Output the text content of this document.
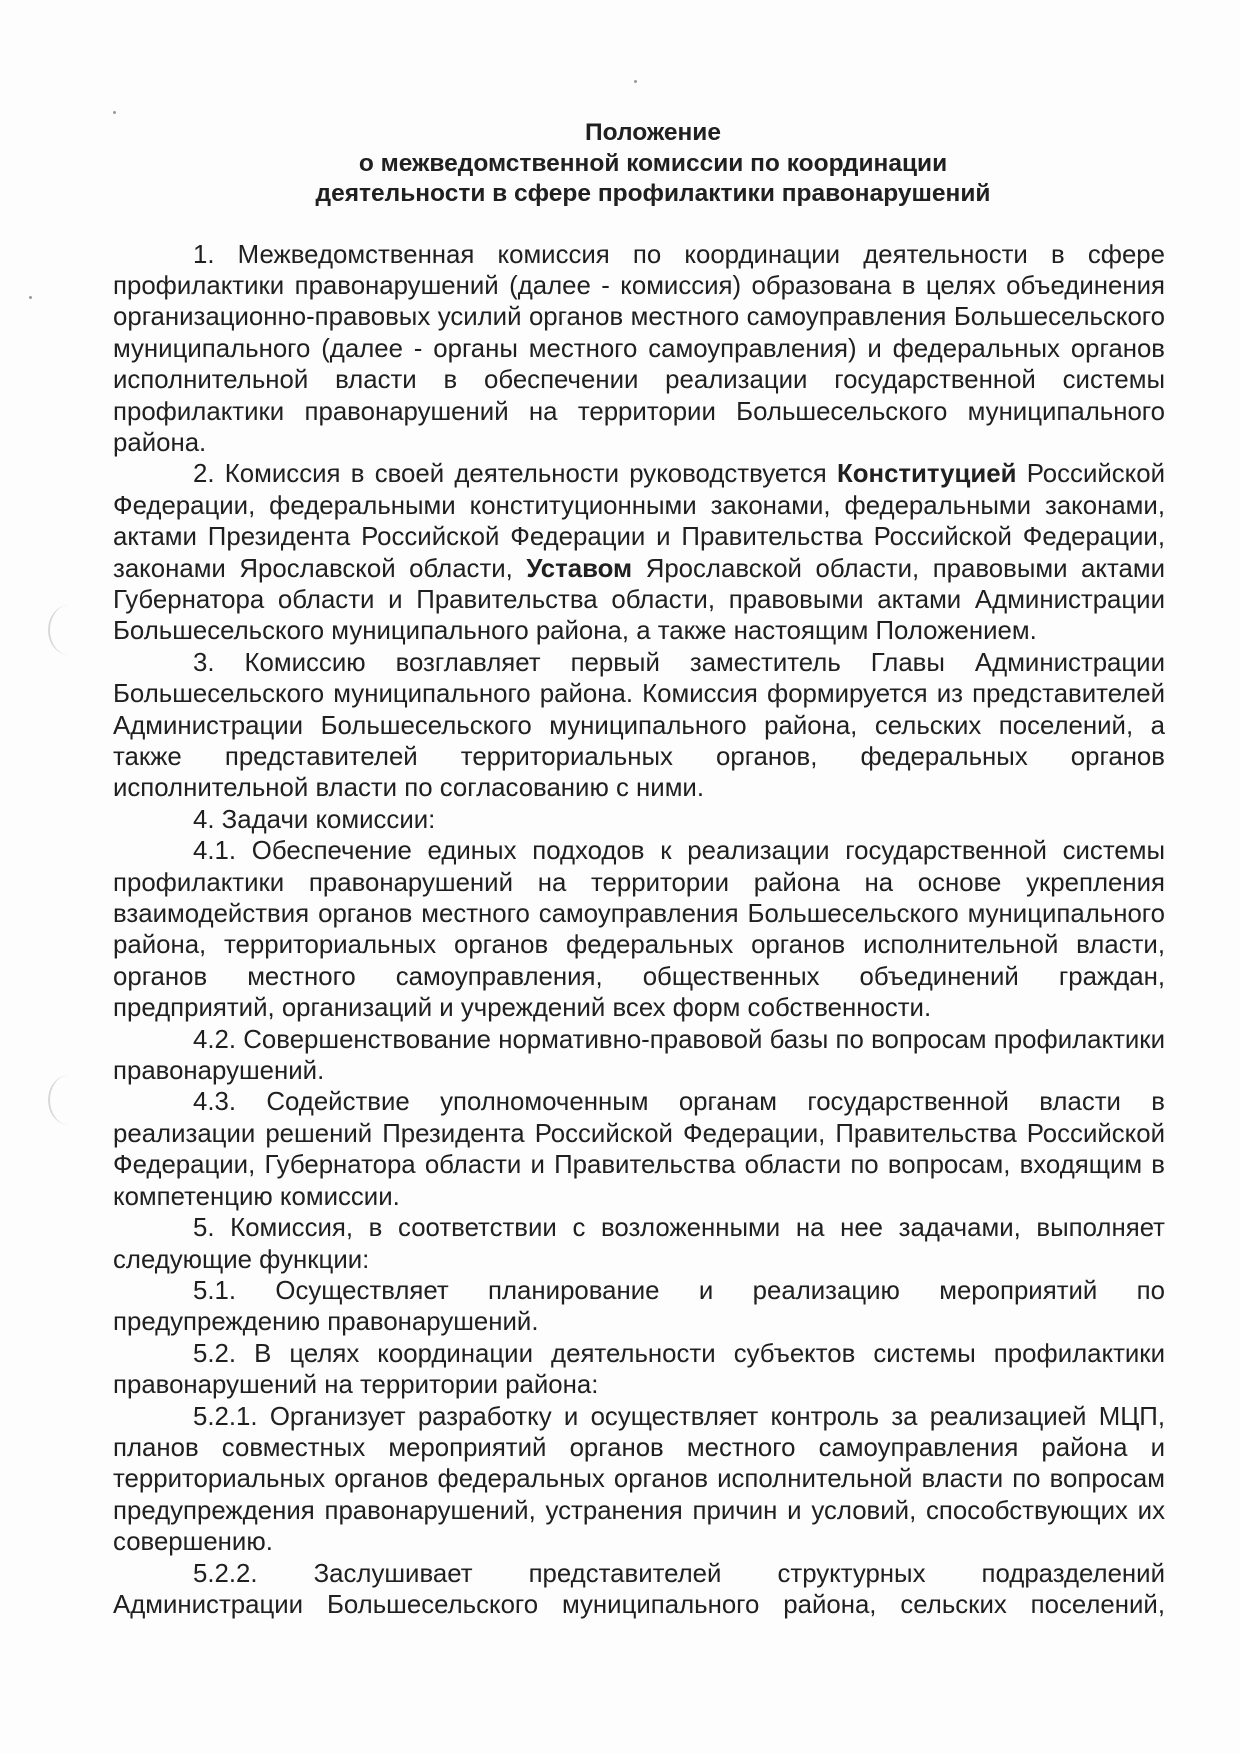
Положение
о межведомственной комиссии по координации
деятельности в сфере профилактики правонарушений

1. Межведомственная комиссия по координации деятельности в сфере профилактики правонарушений (далее - комиссия) образована в целях объединения организационно-правовых усилий органов местного самоуправления Большесельского муниципального (далее - органы местного самоуправления) и федеральных органов исполнительной власти в обеспечении реализации государственной системы профилактики правонарушений на территории Большесельского муниципального района.

2. Комиссия в своей деятельности руководствуется Конституцией Российской Федерации, федеральными конституционными законами, федеральными законами, актами Президента Российской Федерации и Правительства Российской Федерации, законами Ярославской области, Уставом Ярославской области, правовыми актами Губернатора области и Правительства области, правовыми актами Администрации Большесельского муниципального района, а также настоящим Положением.

3. Комиссию возглавляет первый заместитель Главы Администрации Большесельского муниципального района. Комиссия формируется из представителей Администрации Большесельского муниципального района, сельских поселений, а также представителей территориальных органов, федеральных органов исполнительной власти по согласованию с ними.

4. Задачи комиссии:

4.1. Обеспечение единых подходов к реализации государственной системы профилактики правонарушений на территории района на основе укрепления взаимодействия органов местного самоуправления Большесельского муниципального района, территориальных органов федеральных органов исполнительной власти, органов местного самоуправления, общественных объединений граждан, предприятий, организаций и учреждений всех форм собственности.

4.2. Совершенствование нормативно-правовой базы по вопросам профилактики правонарушений.

4.3. Содействие уполномоченным органам государственной власти в реализации решений Президента Российской Федерации, Правительства Российской Федерации, Губернатора области и Правительства области по вопросам, входящим в компетенцию комиссии.

5. Комиссия, в соответствии с возложенными на нее задачами, выполняет следующие функции:

5.1. Осуществляет планирование и реализацию мероприятий по предупреждению правонарушений.

5.2. В целях координации деятельности субъектов системы профилактики правонарушений на территории района:

5.2.1. Организует разработку и осуществляет контроль за реализацией МЦП, планов совместных мероприятий органов местного самоуправления района и территориальных органов федеральных органов исполнительной власти по вопросам предупреждения правонарушений, устранения причин и условий, способствующих их совершению.

5.2.2. Заслушивает представителей структурных подразделений Администрации Большесельского муниципального района, сельских поселений,
